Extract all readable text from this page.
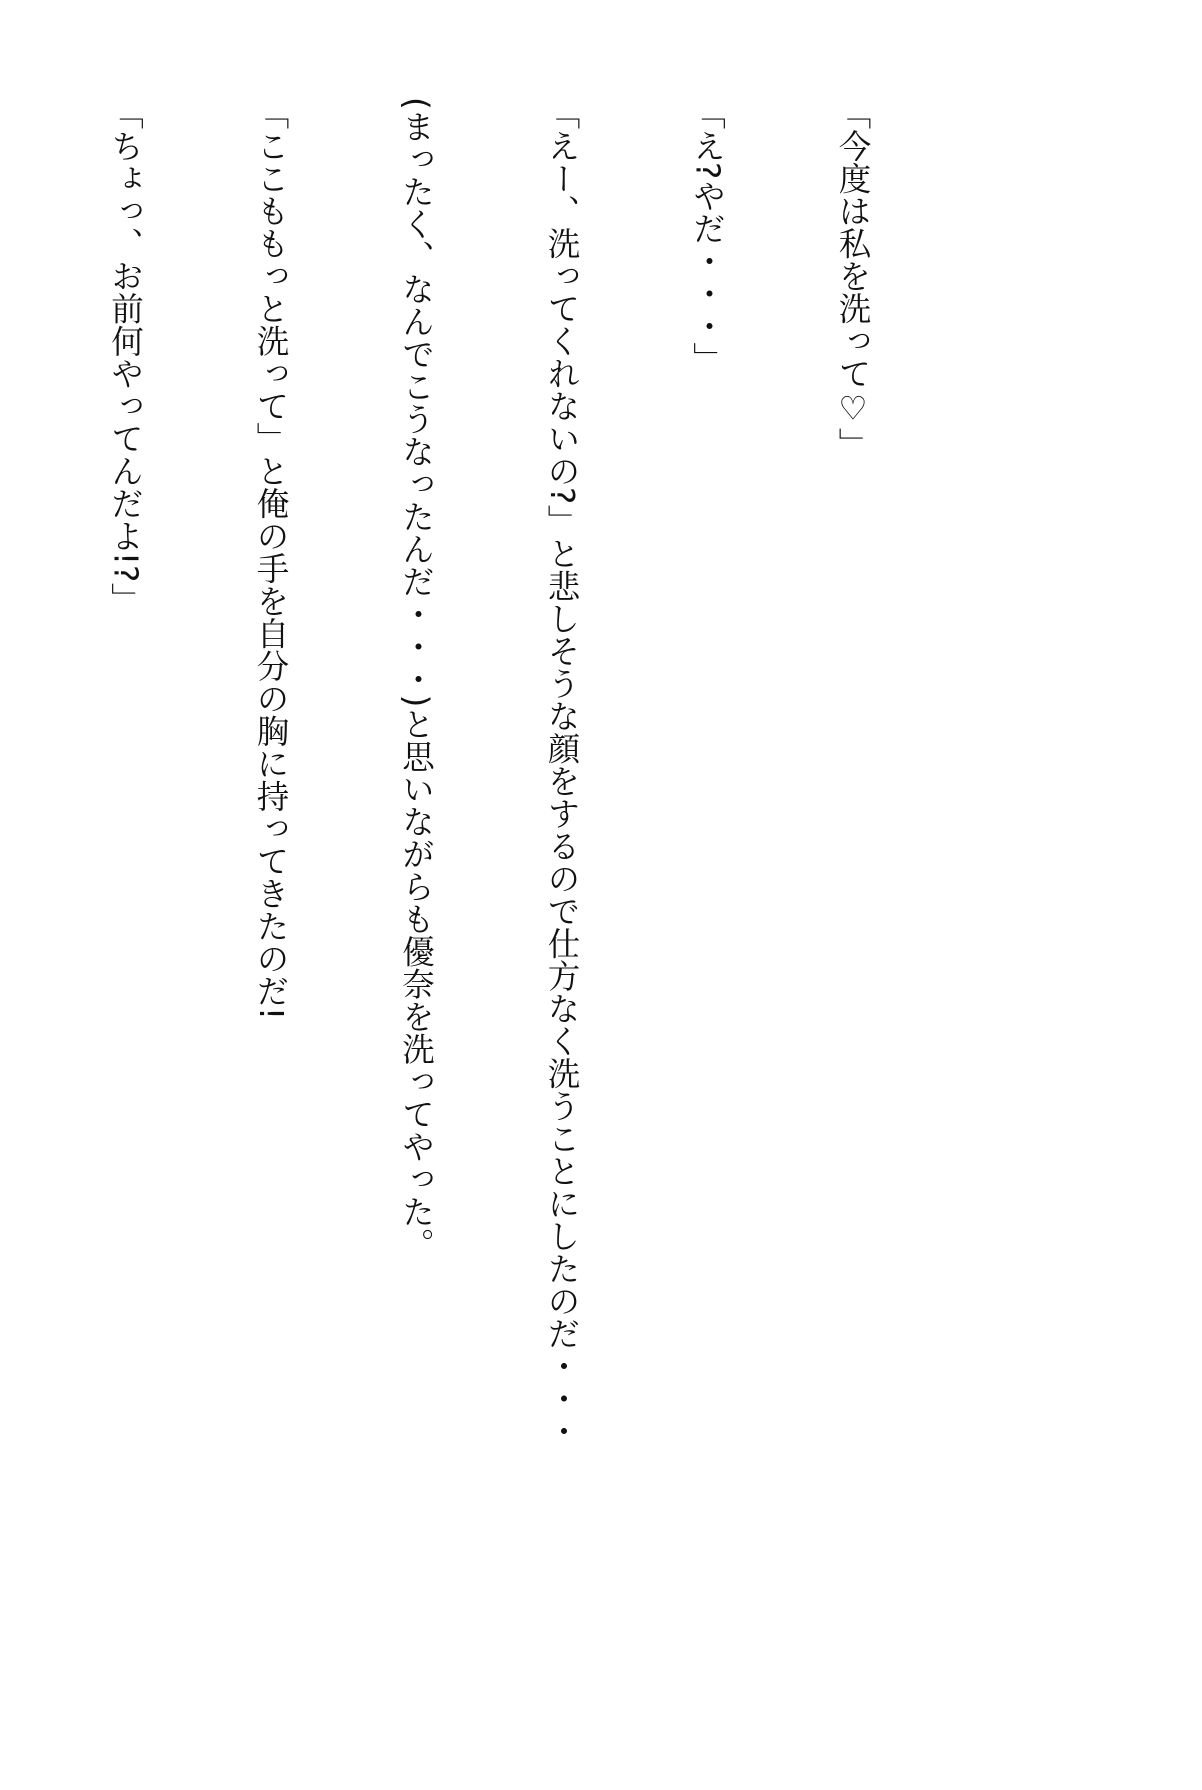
「今度は私を洗って♡」

「え?やだ・・・」

「えー、洗ってくれないの?」と悲しそうな顔をするので仕方なく洗うことにしたのだ・・・

(まったく、なんでこうなったんだ・・・)と思いながらも優奈を洗ってやった。

「ここももっと洗って」と俺の手を自分の胸に持ってきたのだ!

「ちょっ、お前何やってんだよ!?」
